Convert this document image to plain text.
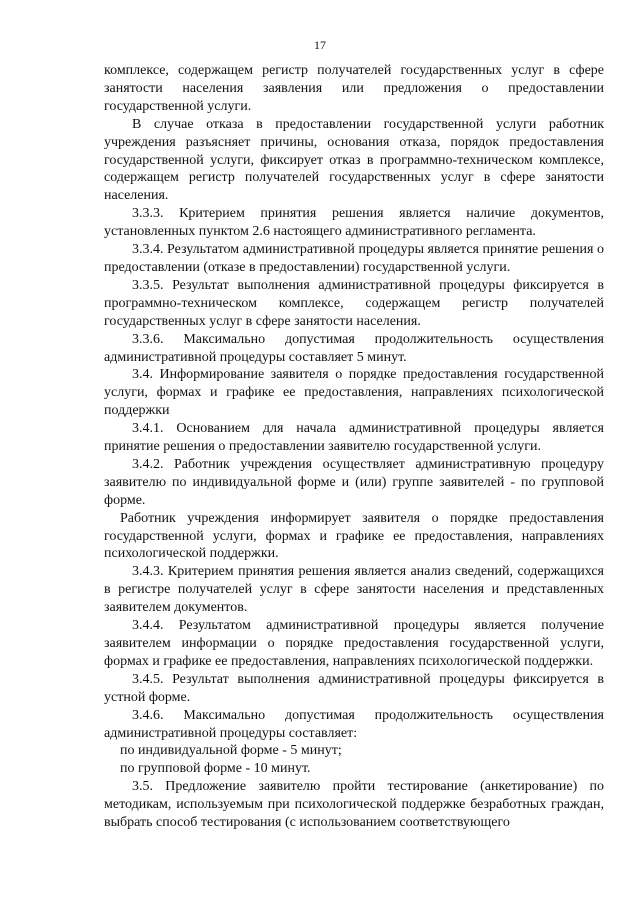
17

комплексе, содержащем регистр получателей государственных услуг в сфере занятости населения заявления или предложения о предоставлении государственной услуги.

В случае отказа в предоставлении государственной услуги работник учреждения разъясняет причины, основания отказа, порядок предоставления государственной услуги, фиксирует отказ в программно-техническом комплексе, содержащем регистр получателей государственных услуг в сфере занятости населения.

3.3.3. Критерием принятия решения является наличие документов, установленных пунктом 2.6 настоящего административного регламента.

3.3.4. Результатом административной процедуры является принятие решения о предоставлении (отказе в предоставлении) государственной услуги.

3.3.5. Результат выполнения административной процедуры фиксируется в программно-техническом комплексе, содержащем регистр получателей государственных услуг в сфере занятости населения.

3.3.6. Максимально допустимая продолжительность осуществления административной процедуры составляет 5 минут.

3.4. Информирование заявителя о порядке предоставления государственной услуги, формах и графике ее предоставления, направлениях психологической поддержки

3.4.1. Основанием для начала административной процедуры является принятие решения о предоставлении заявителю государственной услуги.

3.4.2. Работник учреждения осуществляет административную процедуру заявителю по индивидуальной форме и (или) группе заявителей - по групповой форме.

Работник учреждения информирует заявителя о порядке предоставления государственной услуги, формах и графике ее предоставления, направлениях психологической поддержки.

3.4.3. Критерием принятия решения является анализ сведений, содержащихся в регистре получателей услуг в сфере занятости населения и представленных заявителем документов.

3.4.4. Результатом административной процедуры является получение заявителем информации о порядке предоставления государственной услуги, формах и графике ее предоставления, направлениях психологической поддержки.

3.4.5. Результат выполнения административной процедуры фиксируется в устной форме.

3.4.6. Максимально допустимая продолжительность осуществления административной процедуры составляет:

по индивидуальной форме - 5 минут;

по групповой форме - 10 минут.

3.5. Предложение заявителю пройти тестирование (анкетирование) по методикам, используемым при психологической поддержке безработных граждан, выбрать способ тестирования (с использованием соответствующего
